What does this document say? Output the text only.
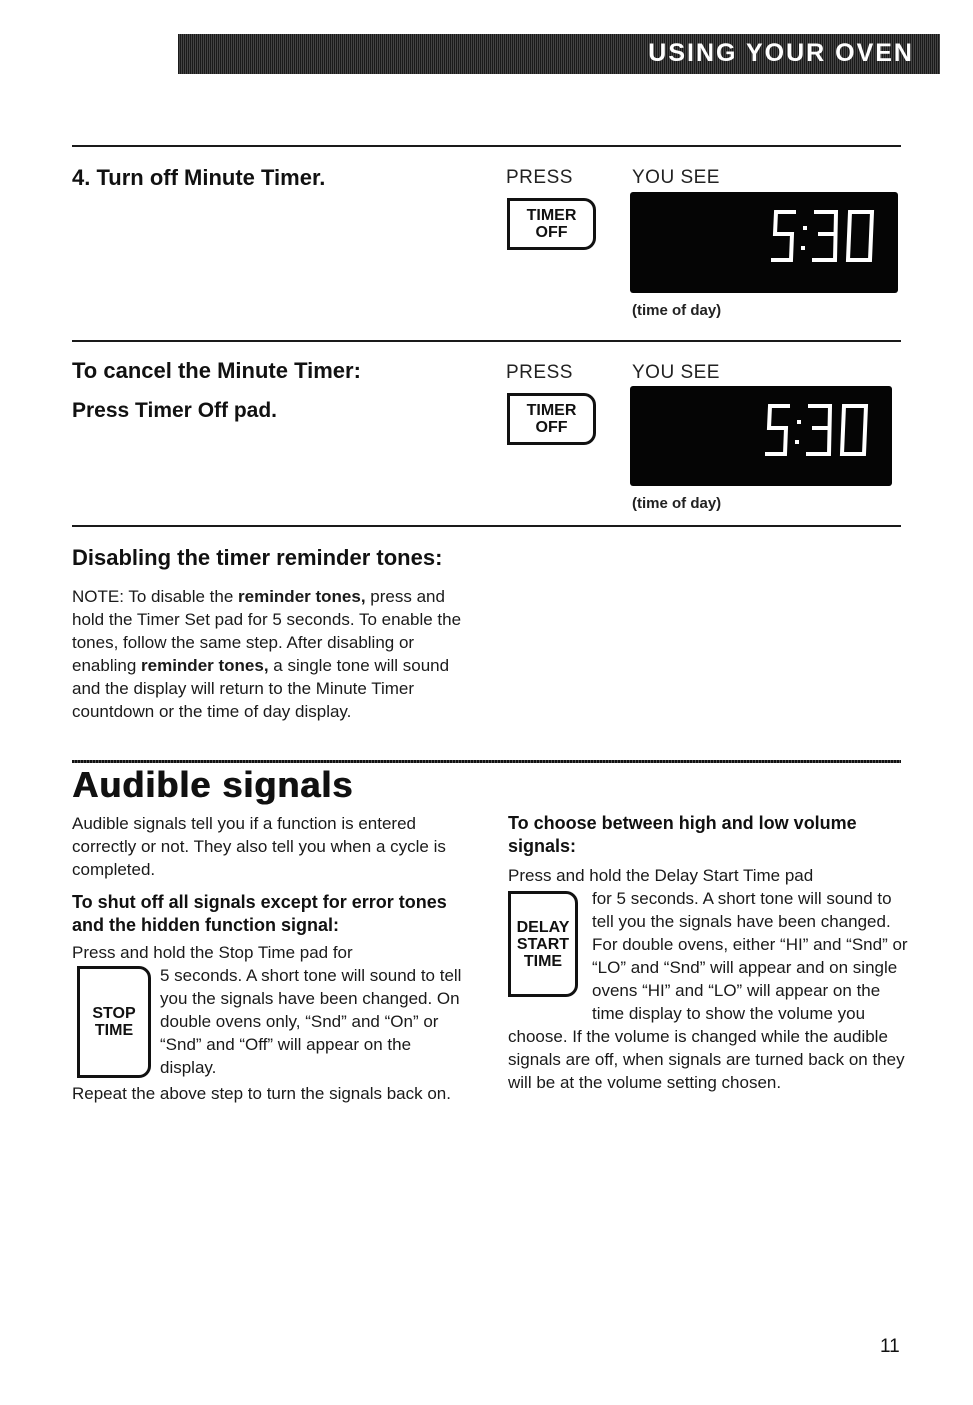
USING YOUR OVEN
4. Turn off Minute Timer.	PRESS	YOU SEE
TIMER
OFF
(time of day)
To cancel the Minute Timer:
Press Timer Off pad.
PRESS	YOU SEE
TIMER
OFF
(time of day)
Disabling the timer reminder tones:
NOTE: To disable the reminder tones, press and hold the Timer Set pad for 5 seconds. To enable the tones, follow the same step. After disabling or enabling reminder tones, a single tone will sound and the display will return to the Minute Timer countdown or the time of day display.
Audible signals
Audible signals tell you if a function is entered correctly or not. They also tell you when a cycle is completed.
To shut off all signals except for error tones and the hidden function signal:
Press and hold the Stop Time pad for
STOP
TIME
5 seconds. A short tone will sound to tell you the signals have been changed. On double ovens only, “Snd” and “On” or “Snd” and “Off” will appear on the display.
Repeat the above step to turn the signals back on.
To choose between high and low volume signals:
Press and hold the Delay Start Time pad
DELAY
START
TIME
for 5 seconds. A short tone will sound to tell you the signals have been changed. For double ovens, either “HI” and “Snd” or “LO” and “Snd” will appear and on single ovens “HI” and “LO” will appear on the time display to show the volume you choose. If the volume is changed while the audible signals are off, when signals are turned back on they will be at the volume setting chosen.
11
